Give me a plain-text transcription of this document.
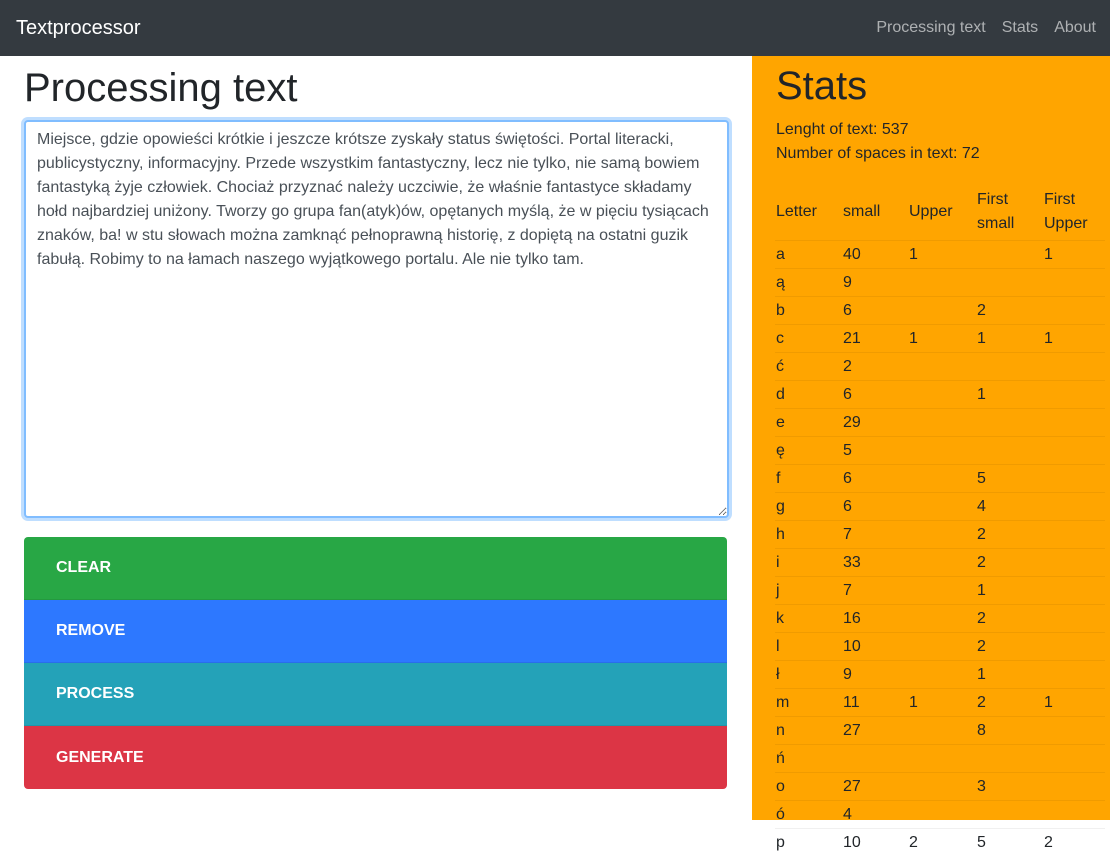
Textprocessor	Processing text	Stats	About
Processing text
Miejsce, gdzie opowieści krótkie i jeszcze krótsze zyskały status świętości. Portal literacki, publicystyczny, informacyjny. Przede wszystkim fantastyczny, lecz nie tylko, nie samą bowiem fantastyką żyje człowiek. Chociaż przyznać należy uczciwie, że właśnie fantastyce składamy hołd najbardziej uniżony. Tworzy go grupa fan(atyk)ów, opętanych myślą, że w pięciu tysiącach znaków, ba! w stu słowach można zamknąć pełnoprawną historię, z dopiętą na ostatni guzik fabułą. Robimy to na łamach naszego wyjątkowego portalu. Ale nie tylko tam.
CLEAR
REMOVE
PROCESS
GENERATE
Stats
Lenght of text: 537
Number of spaces in text: 72
Letter	small	Upper	First small	First Upper
a	40	1		1
ą	9			
b	6		2	
c	21	1	1	1
ć	2			
d	6		1	
e	29			
ę	5			
f	6		5	
g	6		4	
h	7		2	
i	33		2	
j	7		1	
k	16		2	
l	10		2	
ł	9		1	
m	11	1	2	1
n	27		8	
ń				
o	27		3	
ó	4			
p	10	2	5	2
